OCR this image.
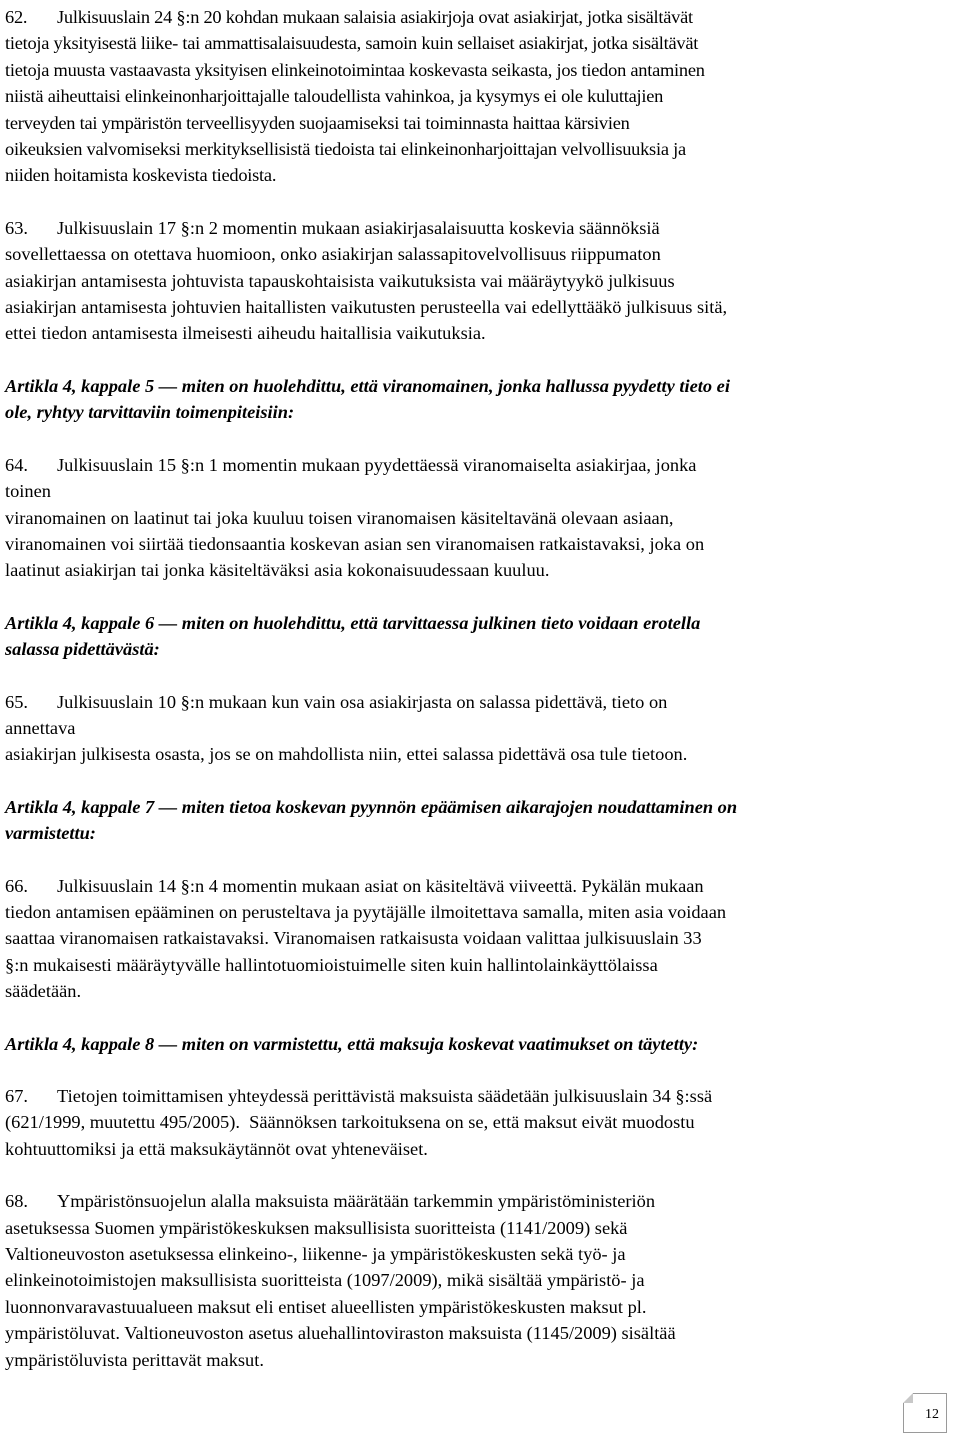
62. Julkisuuslain 24 §:n 20 kohdan mukaan salaisia asiakirjoja ovat asiakirjat, jotka sisältävät
tietoja yksityisestä liike- tai ammattisalaisuudesta, samoin kuin sellaiset asiakirjat, jotka sisältävät
tietoja muusta vastaavasta yksityisen elinkeinotoimintaa koskevasta seikasta, jos tiedon antaminen
niistä aiheuttaisi elinkeinonharjoittajalle taloudellista vahinkoa, ja kysymys ei ole kuluttajien
terveyden tai ympäristön terveellisyyden suojaamiseksi tai toiminnasta haittaa kärsivien
oikeuksien valvomiseksi merkityksellisistä tiedoista tai elinkeinonharjoittajan velvollisuuksia ja
niiden hoitamista koskevista tiedoista.
63. Julkisuuslain 17 §:n 2 momentin mukaan asiakirjasalaisuutta koskevia säännöksiä
sovellettaessa on otettava huomioon, onko asiakirjan salassapitovelvollisuus riippumaton
asiakirjan antamisesta johtuvista tapauskohtaisista vaikutuksista vai määräytyykö julkisuus
asiakirjan antamisesta johtuvien haitallisten vaikutusten perusteella vai edellyttääkö julkisuus sitä,
ettei tiedon antamisesta ilmeisesti aiheudu haitallisia vaikutuksia.
Artikla 4, kappale 5 — miten on huolehdittu, että viranomainen, jonka hallussa pyydetty tieto ei
ole, ryhtyy tarvittaviin toimenpiteisiin:
64. Julkisuuslain 15 §:n 1 momentin mukaan pyydettäessä viranomaiselta asiakirjaa, jonka
toinen
viranomainen on laatinut tai joka kuuluu toisen viranomaisen käsiteltavänä olevaan asiaan,
viranomainen voi siirtää tiedonsaantia koskevan asian sen viranomaisen ratkaistavaksi, joka on
laatinut asiakirjan tai jonka käsiteltäväksi asia kokonaisuudessaan kuuluu.
Artikla 4, kappale 6 — miten on huolehdittu, että tarvittaessa julkinen tieto voidaan erotella
salassa pidettävästä:
65. Julkisuuslain 10 §:n mukaan kun vain osa asiakirjasta on salassa pidettävä, tieto on
annettava
asiakirjan julkisesta osasta, jos se on mahdollista niin, ettei salassa pidettävä osa tule tietoon.
Artikla 4, kappale 7 — miten tietoa koskevan pyynnön epäämisen aikarajojen noudattaminen on
varmistettu:
66. Julkisuuslain 14 §:n 4 momentin mukaan asiat on käsiteltävä viiveettä. Pykälän mukaan
tiedon antamisen epääminen on perusteltava ja pyytäjälle ilmoitettava samalla, miten asia voidaan
saattaa viranomaisen ratkaistavaksi. Viranomaisen ratkaisusta voidaan valittaa julkisuuslain 33
§:n mukaisesti määräytyvälle hallintotuomioistuimelle siten kuin hallintolainkäyttölaissa
säädetään.
Artikla 4, kappale 8 — miten on varmistettu, että maksuja koskevat vaatimukset on täytetty:
67. Tietojen toimittamisen yhteydessä perittävistä maksuista säädetään julkisuuslain 34 §:ssä
(621/1999, muutettu 495/2005).  Säännöksen tarkoituksena on se, että maksut eivät muodostu
kohtuuttomiksi ja että maksukäytännöt ovat yhteneväiset.
68. Ympäristönsuojelun alalla maksuista määrätään tarkemmin ympäristöministeriön
asetuksessa Suomen ympäristökeskuksen maksullisista suoritteista (1141/2009) sekä
Valtioneuvoston asetuksessa elinkeino-, liikenne- ja ympäristökeskusten sekä työ- ja
elinkeinotoimistojen maksullisista suoritteista (1097/2009), mikä sisältää ympäristö- ja
luonnonvaravastuualueen maksut eli entiset alueellisten ympäristökeskusten maksut pl.
ympäristöluvat. Valtioneuvoston asetus aluehallintoviraston maksuista (1145/2009) sisältää
ympäristöluvista perittavät maksut.
12
